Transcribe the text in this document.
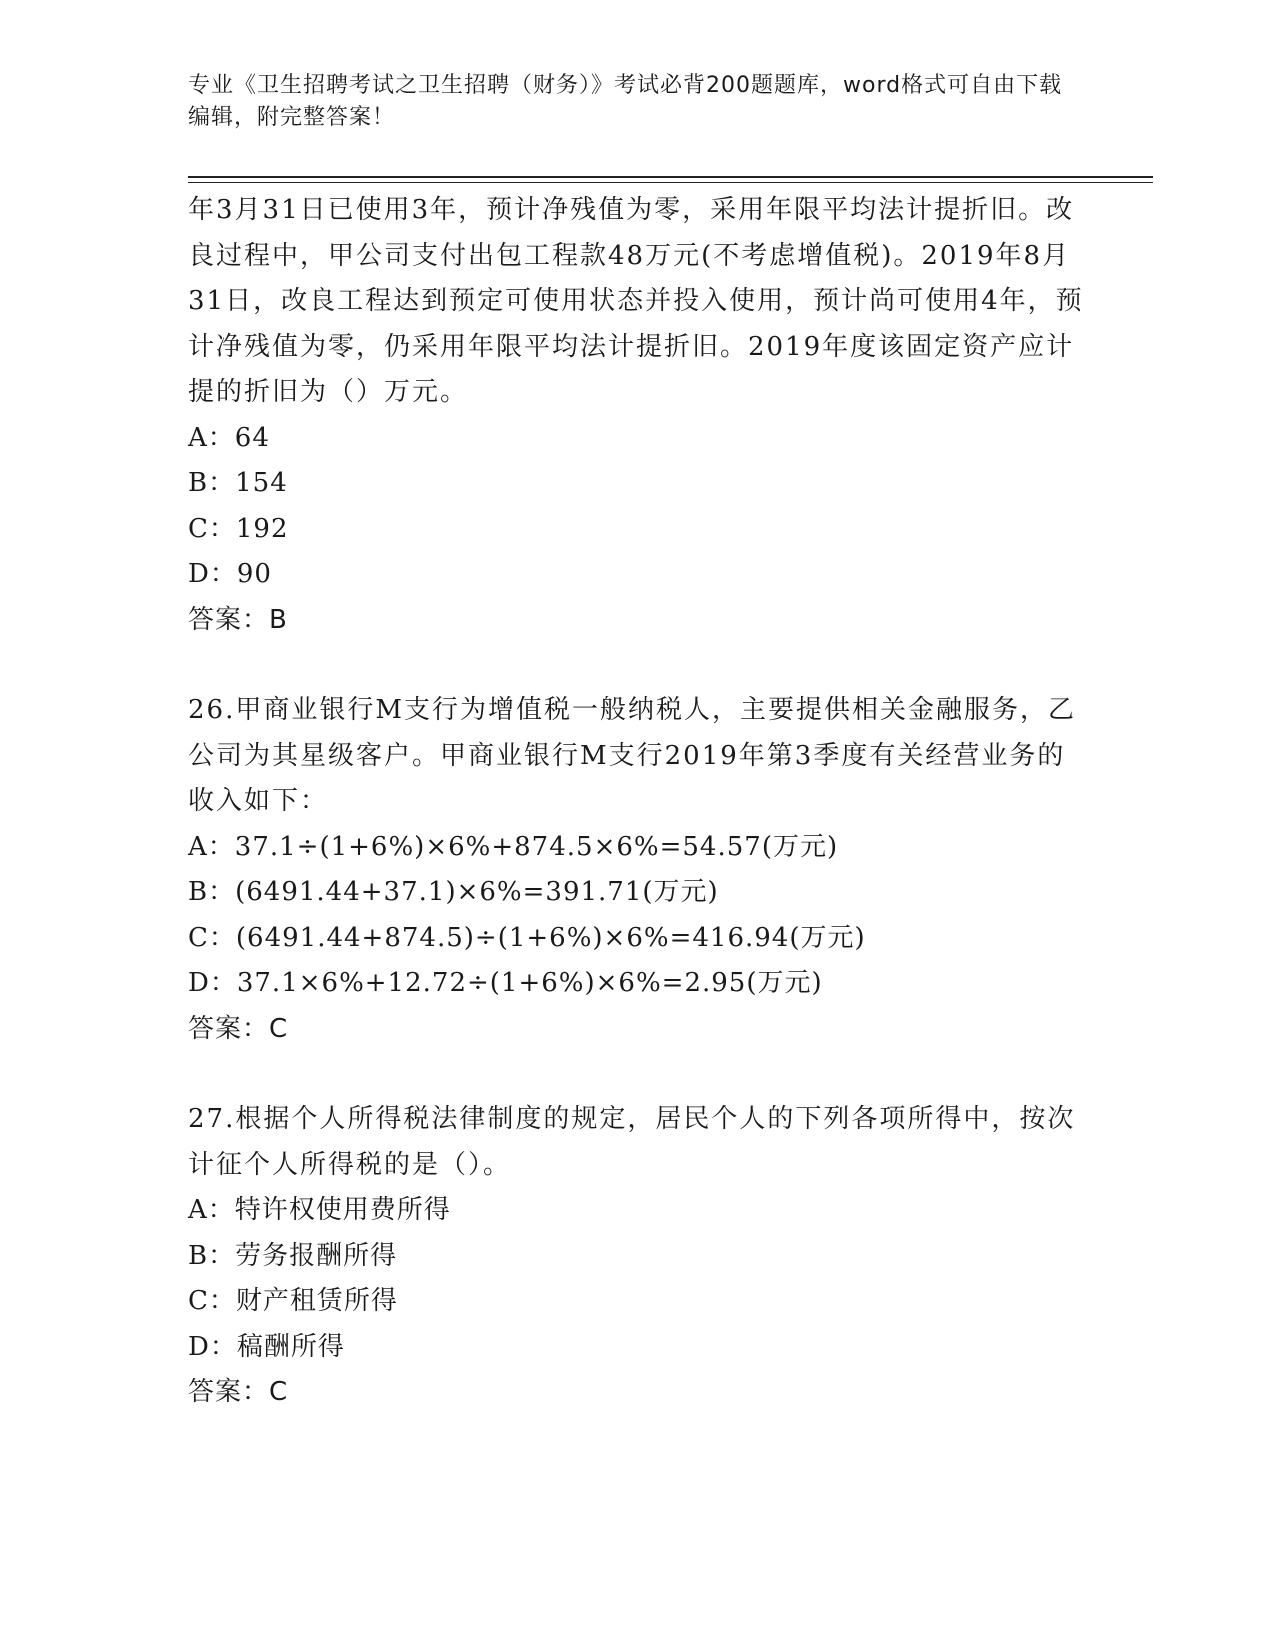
专业《卫生招聘考试之卫生招聘（财务）》考试必背200题题库，word格式可自由下载编辑，附完整答案！

年3月31日已使用3年，预计净残值为零，采用年限平均法计提折旧。改良过程中，甲公司支付出包工程款48万元(不考虑增值税)。2019年8月31日，改良工程达到预定可使用状态并投入使用，预计尚可使用4年，预计净残值为零，仍采用年限平均法计提折旧。2019年度该固定资产应计提的折旧为（）万元。

A：64

B：154

C：192

D：90

答案：B

26.甲商业银行M支行为增值税一般纳税人，主要提供相关金融服务，乙公司为其星级客户。甲商业银行M支行2019年第3季度有关经营业务的收入如下：

A：37.1÷(1+6%)×6%+874.5×6%=54.57(万元)

B：(6491.44+37.1)×6%=391.71(万元)

C：(6491.44+874.5)÷(1+6%)×6%=416.94(万元)

D：37.1×6%+12.72÷(1+6%)×6%=2.95(万元)

答案：C

27.根据个人所得税法律制度的规定，居民个人的下列各项所得中，按次计征个人所得税的是（）。

A：特许权使用费所得

B：劳务报酬所得

C：财产租赁所得

D：稿酬所得

答案：C
